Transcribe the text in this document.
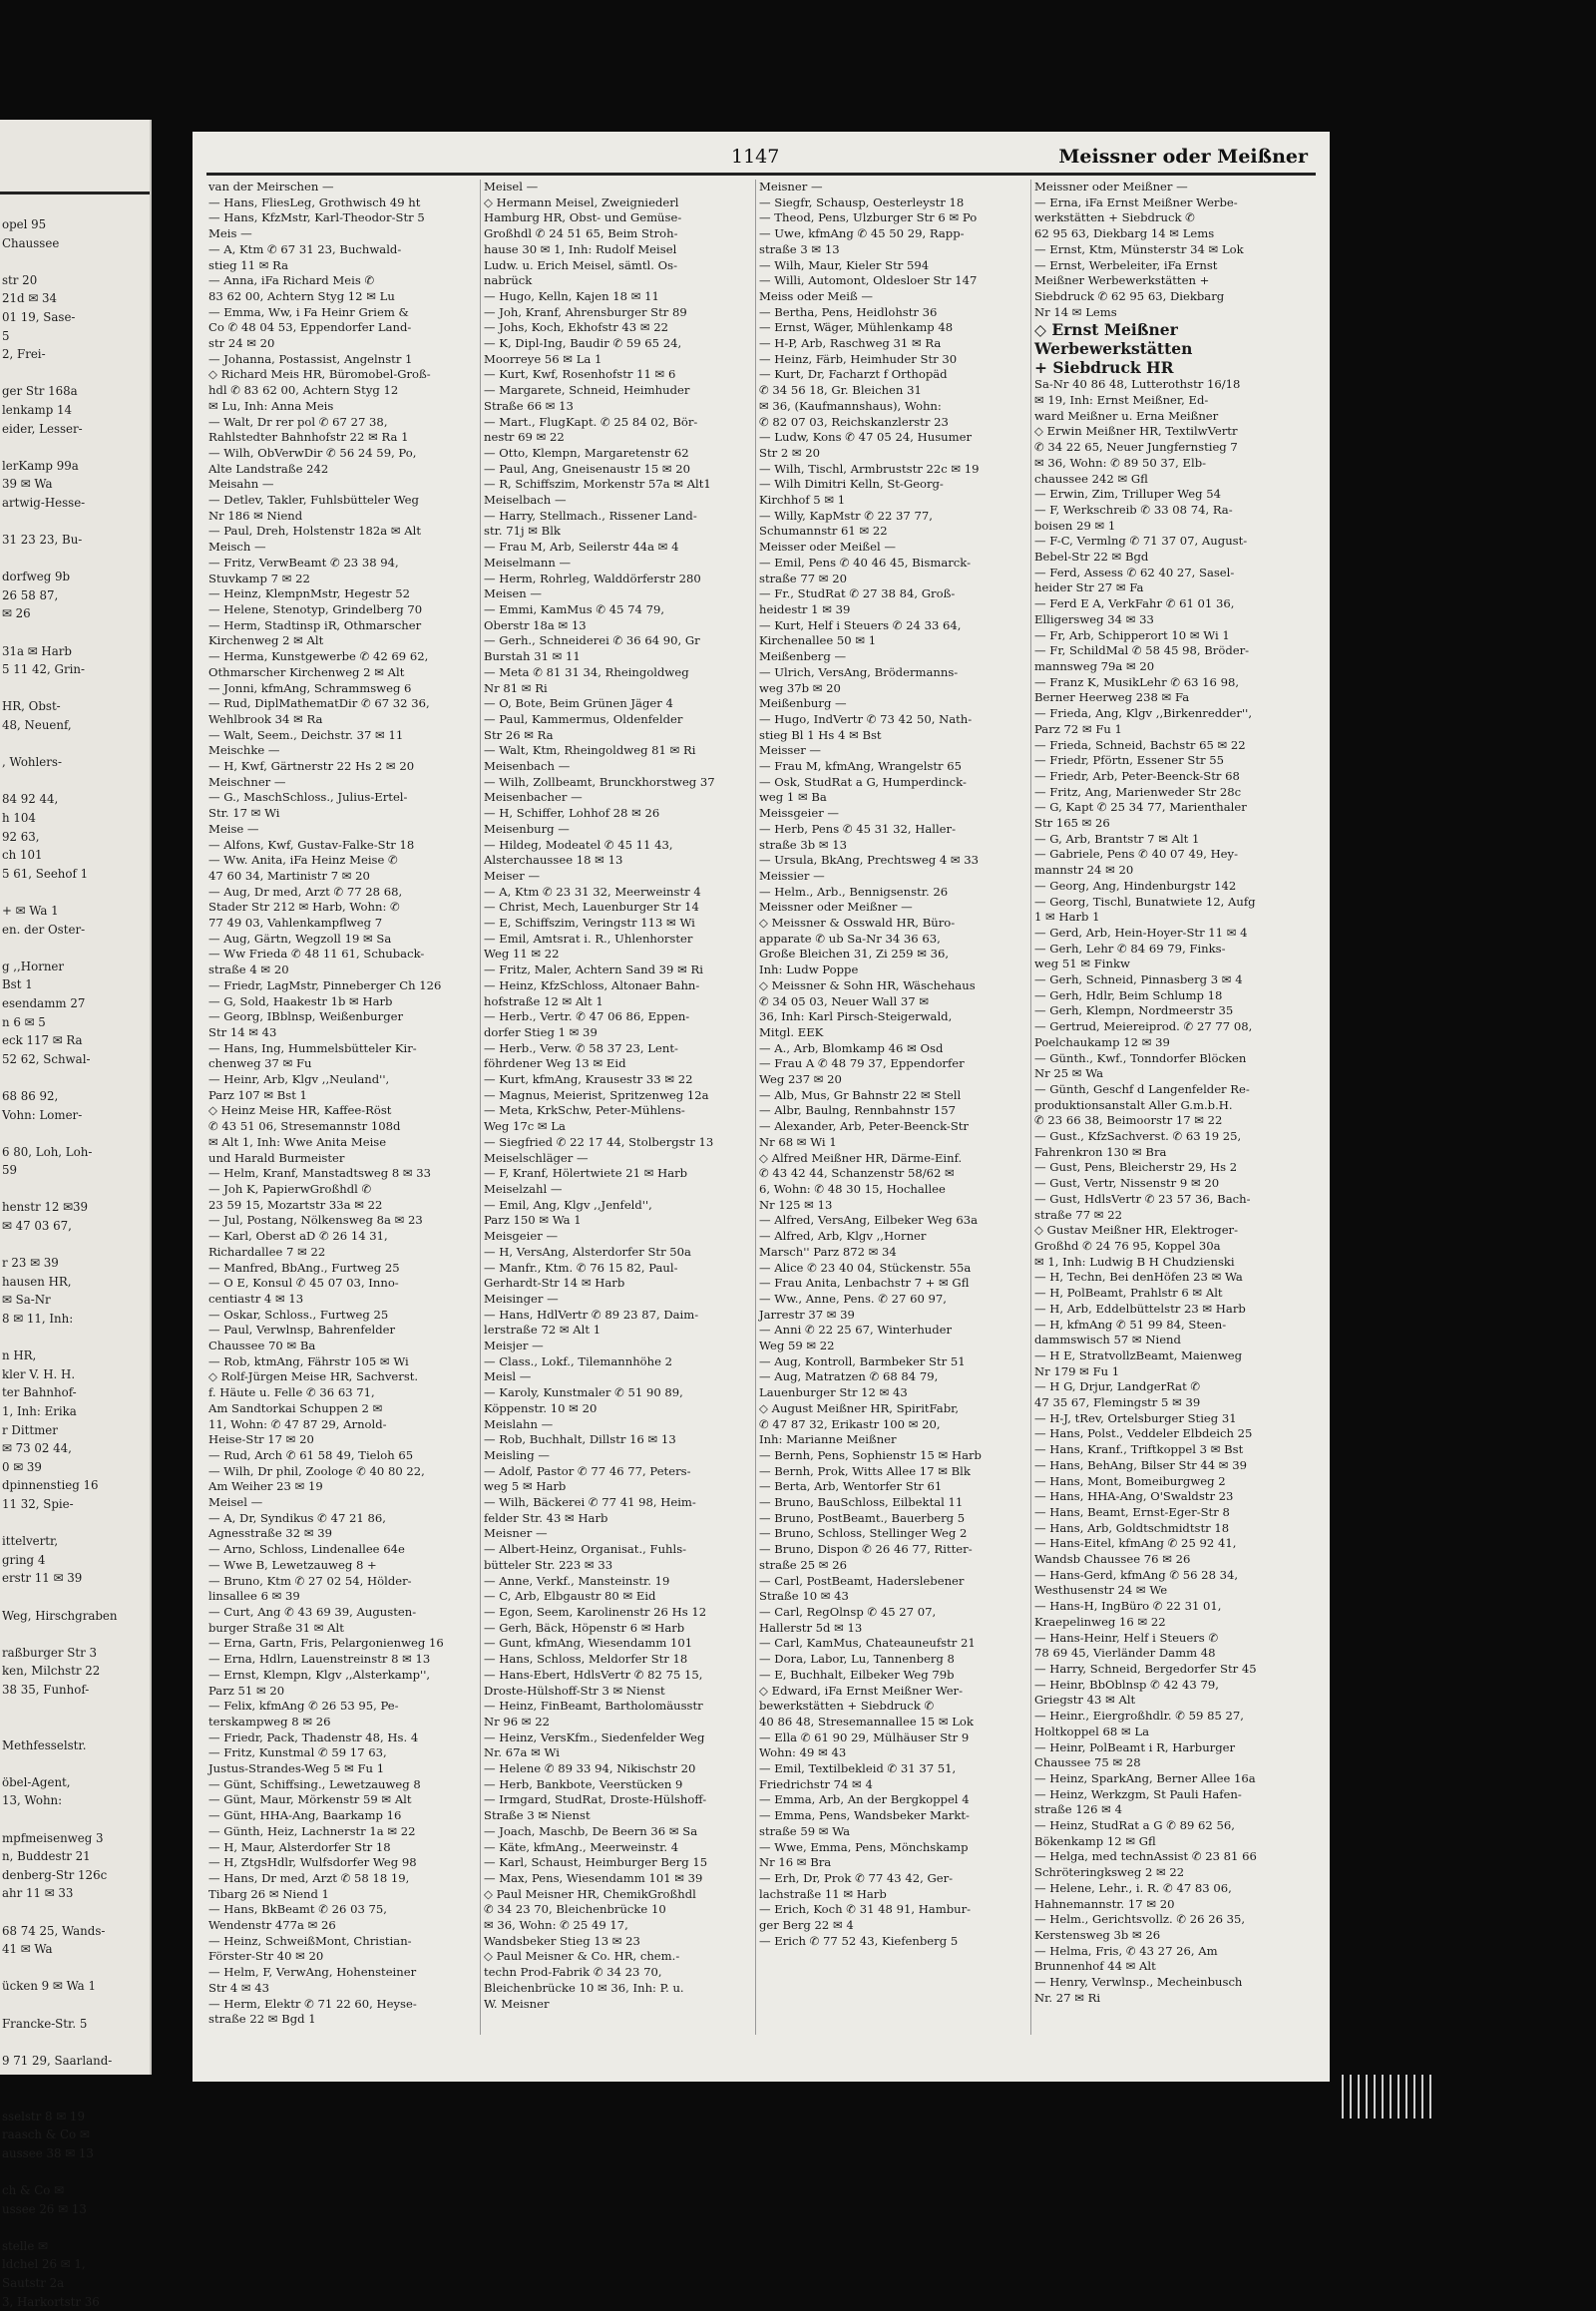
opel 95
Chaussee

str 20
21d ✉ 34
01 19, Sase-
5
2, Frei-

ger Str 168a
lenkamp 14
eider, Lesser-

lerKamp 99a
39 ✉ Wa
artwig-Hesse-

31 23 23, Bu-

dorfweg 9b
26 58 87,
✉ 26

31a ✉ Harb
5 11 42, Grin-

HR, Obst-
48, Neuenf,

, Wohlers-

84 92 44,
h 104
92 63,
ch 101
5 61, Seehof 1

+ ✉ Wa 1
en. der Oster-

g ,,Horner
Bst 1
esendamm 27
n 6 ✉ 5
eck 117 ✉ Ra
52 62, Schwal-

68 86 92,
Vohn: Lomer-

6 80, Loh, Loh-
59

henstr 12 ✉39
✉ 47 03 67,

r 23 ✉ 39
hausen HR,
✉ Sa-Nr
8 ✉ 11, Inh:

n HR,
kler V. H. H.
ter Bahnhof-
1, Inh: Erika
r Dittmer
✉ 73 02 44,
0 ✉ 39
dpinnenstieg 16
11 32, Spie-

ittelvertr,
gring 4
erstr 11 ✉ 39

Weg, Hirschgraben

raßburger Str 3
ken, Milchstr 22
38 35, Funhof-

Methfesselstr.

öbel-Agent,
13, Wohn:

mpfmeisenweg 3
n, Buddestr 21
denberg-Str 126c
ahr 11 ✉ 33

68 74 25, Wands-
41 ✉ Wa

ücken 9 ✉ Wa 1

Francke-Str. 5

9 71 29, Saarland-

sselstr 8 ✉ 19
raasch & Co ✉
aussee 38 ✉ 13

ch & Co ✉
ussee 26 ✉ 13

stelle ✉
ldchel 26 ✉ 1,
Sautstr 2a
3, Harkortstr 36
1147	Meissner oder Meißner
van der Meirschen —
— Hans, FliesLeg, Grothwisch 49 ht
— Hans, KfzMstr, Karl-Theodor-Str 5
Meis —
— A, Ktm ✆ 67 31 23, Buchwald-
stieg 11 ✉ Ra
— Anna, iFa Richard Meis ✆
83 62 00, Achtern Styg 12 ✉ Lu
— Emma, Ww, i Fa Heinr Griem &
Co ✆ 48 04 53, Eppendorfer Land-
str 24 ✉ 20
— Johanna, Postassist, Angelnstr 1
◇ Richard Meis HR, Büromobel-Groß-
hdl ✆ 83 62 00, Achtern Styg 12
✉ Lu, Inh: Anna Meis
— Walt, Dr rer pol ✆ 67 27 38,
Rahlstedter Bahnhofstr 22 ✉ Ra 1
— Wilh, ObVerwDir ✆ 56 24 59, Po,
Alte Landstraße 242
Meisahn —
— Detlev, Takler, Fuhlsbütteler Weg
Nr 186 ✉ Niend
— Paul, Dreh, Holstenstr 182a ✉ Alt
Meisch —
— Fritz, VerwBeamt ✆ 23 38 94,
Stuvkamp 7 ✉ 22
— Heinz, KlempnMstr, Hegestr 52
— Helene, Stenotyp, Grindelberg 70
— Herm, Stadtinsp iR, Othmarscher
Kirchenweg 2 ✉ Alt
— Herma, Kunstgewerbe ✆ 42 69 62,
Othmarscher Kirchenweg 2 ✉ Alt
— Jonni, kfmAng, Schrammsweg 6
— Rud, DiplMathematDir ✆ 67 32 36,
Wehlbrook 34 ✉ Ra
— Walt, Seem., Deichstr. 37 ✉ 11
Meischke —
— H, Kwf, Gärtnerstr 22 Hs 2 ✉ 20
Meischner —
— G., MaschSchloss., Julius-Ertel-
Str. 17 ✉ Wi
Meise —
— Alfons, Kwf, Gustav-Falke-Str 18
— Ww. Anita, iFa Heinz Meise ✆
47 60 34, Martinistr 7 ✉ 20
— Aug, Dr med, Arzt ✆ 77 28 68,
Stader Str 212 ✉ Harb, Wohn: ✆
77 49 03, Vahlenkampflweg 7
— Aug, Gärtn, Wegzoll 19 ✉ Sa
— Ww Frieda ✆ 48 11 61, Schuback-
straße 4 ✉ 20
— Friedr, LagMstr, Pinneberger Ch 126
— G, Sold, Haakestr 1b ✉ Harb
— Georg, IBblnsp, Weißenburger
Str 14 ✉ 43
— Hans, Ing, Hummelsbütteler Kir-
chenweg 37 ✉ Fu
— Heinr, Arb, Klgv ,,Neuland'',
Parz 107 ✉ Bst 1
◇ Heinz Meise HR, Kaffee-Röst
✆ 43 51 06, Stresemannstr 108d
✉ Alt 1, Inh: Wwe Anita Meise
und Harald Burmeister
— Helm, Kranf, Manstadtsweg 8 ✉ 33
— Joh K, PapierwGroßhdl ✆
23 59 15, Mozartstr 33a ✉ 22
— Jul, Postang, Nölkensweg 8a ✉ 23
— Karl, Oberst aD ✆ 26 14 31,
Richardallee 7 ✉ 22
— Manfred, BbAng., Furtweg 25
— O E, Konsul ✆ 45 07 03, Inno-
centiastr 4 ✉ 13
— Oskar, Schloss., Furtweg 25
— Paul, Verwlnsp, Bahrenfelder
Chaussee 70 ✉ Ba
— Rob, ktmAng, Fährstr 105 ✉ Wi
◇ Rolf-Jürgen Meise HR, Sachverst.
f. Häute u. Felle ✆ 36 63 71,
Am Sandtorkai Schuppen 2 ✉
11, Wohn: ✆ 47 87 29, Arnold-
Heise-Str 17 ✉ 20
— Rud, Arch ✆ 61 58 49, Tieloh 65
— Wilh, Dr phil, Zoologe ✆ 40 80 22,
Am Weiher 23 ✉ 19
Meisel —
— A, Dr, Syndikus ✆ 47 21 86,
Agnesstraße 32 ✉ 39
— Arno, Schloss, Lindenallee 64e
— Wwe B, Lewetzauweg 8 +
— Bruno, Ktm ✆ 27 02 54, Hölder-
linsallee 6 ✉ 39
— Curt, Ang ✆ 43 69 39, Augusten-
burger Straße 31 ✉ Alt
— Erna, Gartn, Fris, Pelargonienweg 16
— Erna, Hdlrn, Lauenstreinstr 8 ✉ 13
— Ernst, Klempn, Klgv ,,Alsterkamp'',
Parz 51 ✉ 20
— Felix, kfmAng ✆ 26 53 95, Pe-
terskampweg 8 ✉ 26
— Friedr, Pack, Thadenstr 48, Hs. 4
— Fritz, Kunstmal ✆ 59 17 63,
Justus-Strandes-Weg 5 ✉ Fu 1
— Günt, Schiffsing., Lewetzauweg 8
— Günt, Maur, Mörkenstr 59 ✉ Alt
— Günt, HHA-Ang, Baarkamp 16
— Günth, Heiz, Lachnerstr 1a ✉ 22
— H, Maur, Alsterdorfer Str 18
— H, ZtgsHdlr, Wulfsdorfer Weg 98
— Hans, Dr med, Arzt ✆ 58 18 19,
Tibarg 26 ✉ Niend 1
— Hans, BkBeamt ✆ 26 03 75,
Wendenstr 477a ✉ 26
— Heinz, SchweißMont, Christian-
Förster-Str 40 ✉ 20
— Helm, F, VerwAng, Hohensteiner
Str 4 ✉ 43
— Herm, Elektr ✆ 71 22 60, Heyse-
straße 22 ✉ Bgd 1
Meisel —
◇ Hermann Meisel, Zweigniederl
Hamburg HR, Obst- und Gemüse-
Großhdl ✆ 24 51 65, Beim Stroh-
hause 30 ✉ 1, Inh: Rudolf Meisel
Ludw. u. Erich Meisel, sämtl. Os-
nabrück
— Hugo, Kelln, Kajen 18 ✉ 11
— Joh, Kranf, Ahrensburger Str 89
— Johs, Koch, Ekhofstr 43 ✉ 22
— K, Dipl-Ing, Baudir ✆ 59 65 24,
Moorreye 56 ✉ La 1
— Kurt, Kwf, Rosenhofstr 11 ✉ 6
— Margarete, Schneid, Heimhuder
Straße 66 ✉ 13
— Mart., FlugKapt. ✆ 25 84 02, Bör-
nestr 69 ✉ 22
— Otto, Klempn, Margaretenstr 62
— Paul, Ang, Gneisenaustr 15 ✉ 20
— R, Schiffszim, Morkenstr 57a ✉ Alt1
Meiselbach —
— Harry, Stellmach., Rissener Land-
str. 71j ✉ Blk
— Frau M, Arb, Seilerstr 44a ✉ 4
Meiselmann —
— Herm, Rohrleg, Walddörferstr 280
Meisen —
— Emmi, KamMus ✆ 45 74 79,
Oberstr 18a ✉ 13
— Gerh., Schneiderei ✆ 36 64 90, Gr
Burstah 31 ✉ 11
— Meta ✆ 81 31 34, Rheingoldweg
Nr 81 ✉ Ri
— O, Bote, Beim Grünen Jäger 4
— Paul, Kammermus, Oldenfelder
Str 26 ✉ Ra
— Walt, Ktm, Rheingoldweg 81 ✉ Ri
Meisenbach —
— Wilh, Zollbeamt, Brunckhorstweg 37
Meisenbacher —
— H, Schiffer, Lohhof 28 ✉ 26
Meisenburg —
— Hildeg, Modeatel ✆ 45 11 43,
Alsterchaussee 18 ✉ 13
Meiser —
— A, Ktm ✆ 23 31 32, Meerweinstr 4
— Christ, Mech, Lauenburger Str 14
— E, Schiffszim, Veringstr 113 ✉ Wi
— Emil, Amtsrat i. R., Uhlenhorster
Weg 11 ✉ 22
— Fritz, Maler, Achtern Sand 39 ✉ Ri
— Heinz, KfzSchloss, Altonaer Bahn-
hofstraße 12 ✉ Alt 1
— Herb., Vertr. ✆ 47 06 86, Eppen-
dorfer Stieg 1 ✉ 39
— Herb., Verw. ✆ 58 37 23, Lent-
föhrdener Weg 13 ✉ Eid
— Kurt, kfmAng, Krausestr 33 ✉ 22
— Magnus, Meierist, Spritzenweg 12a
— Meta, KrkSchw, Peter-Mühlens-
Weg 17c ✉ La
— Siegfried ✆ 22 17 44, Stolbergstr 13
Meiselschläger —
— F, Kranf, Hölertwiete 21 ✉ Harb
Meiselzahl —
— Emil, Ang, Klgv ,,Jenfeld'',
Parz 150 ✉ Wa 1
Meisgeier —
— H, VersAng, Alsterdorfer Str 50a
— Manfr., Ktm. ✆ 76 15 82, Paul-
Gerhardt-Str 14 ✉ Harb
Meisinger —
— Hans, HdlVertr ✆ 89 23 87, Daim-
lerstraße 72 ✉ Alt 1
Meisjer —
— Class., Lokf., Tilemannhöhe 2
Meisl —
— Karoly, Kunstmaler ✆ 51 90 89,
Köppenstr. 10 ✉ 20
Meislahn —
— Rob, Buchhalt, Dillstr 16 ✉ 13
Meisling —
— Adolf, Pastor ✆ 77 46 77, Peters-
weg 5 ✉ Harb
— Wilh, Bäckerei ✆ 77 41 98, Heim-
felder Str. 43 ✉ Harb
Meisner —
— Albert-Heinz, Organisat., Fuhls-
bütteler Str. 223 ✉ 33
— Anne, Verkf., Mansteinstr. 19
— C, Arb, Elbgaustr 80 ✉ Eid
— Egon, Seem, Karolinenstr 26 Hs 12
— Gerh, Bäck, Höpenstr 6 ✉ Harb
— Gunt, kfmAng, Wiesendamm 101
— Hans, Schloss, Meldorfer Str 18
— Hans-Ebert, HdlsVertr ✆ 82 75 15,
Droste-Hülshoff-Str 3 ✉ Nienst
— Heinz, FinBeamt, Bartholomäusstr
Nr 96 ✉ 22
— Heinz, VersKfm., Siedenfelder Weg
Nr. 67a ✉ Wi
— Helene ✆ 89 33 94, Nikischstr 20
— Herb, Bankbote, Veerstücken 9
— Irmgard, StudRat, Droste-Hülshoff-
Straße 3 ✉ Nienst
— Joach, Maschb, De Beern 36 ✉ Sa
— Käte, kfmAng., Meerweinstr. 4
— Karl, Schaust, Heimburger Berg 15
— Max, Pens, Wiesendamm 101 ✉ 39
◇ Paul Meisner HR, ChemikGroßhdl
✆ 34 23 70, Bleichenbrücke 10
✉ 36, Wohn: ✆ 25 49 17,
Wandsbeker Stieg 13 ✉ 23
◇ Paul Meisner & Co. HR, chem.-
techn Prod-Fabrik ✆ 34 23 70,
Bleichenbrücke 10 ✉ 36, Inh: P. u.
W. Meisner
Meisner —
— Siegfr, Schausp, Oesterleystr 18
— Theod, Pens, Ulzburger Str 6 ✉ Po
— Uwe, kfmAng ✆ 45 50 29, Rapp-
straße 3 ✉ 13
— Wilh, Maur, Kieler Str 594
— Willi, Automont, Oldesloer Str 147
Meiss oder Meiß —
— Bertha, Pens, Heidlohstr 36
— Ernst, Wäger, Mühlenkamp 48
— H-P, Arb, Raschweg 31 ✉ Ra
— Heinz, Färb, Heimhuder Str 30
— Kurt, Dr, Facharzt f Orthopäd
✆ 34 56 18, Gr. Bleichen 31
✉ 36, (Kaufmannshaus), Wohn:
✆ 82 07 03, Reichskanzlerstr 23
— Ludw, Kons ✆ 47 05 24, Husumer
Str 2 ✉ 20
— Wilh, Tischl, Armbruststr 22c ✉ 19
— Wilh Dimitri Kelln, St-Georg-
Kirchhof 5 ✉ 1
— Willy, KapMstr ✆ 22 37 77,
Schumannstr 61 ✉ 22
Meisser oder Meißel —
— Emil, Pens ✆ 40 46 45, Bismarck-
straße 77 ✉ 20
— Fr., StudRat ✆ 27 38 84, Groß-
heidestr 1 ✉ 39
— Kurt, Helf i Steuers ✆ 24 33 64,
Kirchenallee 50 ✉ 1
Meißenberg —
— Ulrich, VersAng, Brödermanns-
weg 37b ✉ 20
Meißenburg —
— Hugo, IndVertr ✆ 73 42 50, Nath-
stieg Bl 1 Hs 4 ✉ Bst
Meisser —
— Frau M, kfmAng, Wrangelstr 65
— Osk, StudRat a G, Humperdinck-
weg 1 ✉ Ba
Meissgeier —
— Herb, Pens ✆ 45 31 32, Haller-
straße 3b ✉ 13
— Ursula, BkAng, Prechtsweg 4 ✉ 33
Meissier —
— Helm., Arb., Bennigsenstr. 26
Meissner oder Meißner —
◇ Meissner & Osswald HR, Büro-
apparate ✆ ub Sa-Nr 34 36 63,
Große Bleichen 31, Zi 259 ✉ 36,
Inh: Ludw Poppe
◇ Meissner & Sohn HR, Wäschehaus
✆ 34 05 03, Neuer Wall 37 ✉
36, Inh: Karl Pirsch-Steigerwald,
Mitgl. EEK
— A., Arb, Blomkamp 46 ✉ Osd
— Frau A ✆ 48 79 37, Eppendorfer
Weg 237 ✉ 20
— Alb, Mus, Gr Bahnstr 22 ✉ Stell
— Albr, Baulng, Rennbahnstr 157
— Alexander, Arb, Peter-Beenck-Str
Nr 68 ✉ Wi 1
◇ Alfred Meißner HR, Därme-Einf.
✆ 43 42 44, Schanzenstr 58/62 ✉
6, Wohn: ✆ 48 30 15, Hochallee
Nr 125 ✉ 13
— Alfred, VersAng, Eilbeker Weg 63a
— Alfred, Arb, Klgv ,,Horner
Marsch'' Parz 872 ✉ 34
— Alice ✆ 23 40 04, Stückenstr. 55a
— Frau Anita, Lenbachstr 7 + ✉ Gfl
— Ww., Anne, Pens. ✆ 27 60 97,
Jarrestr 37 ✉ 39
— Anni ✆ 22 25 67, Winterhuder
Weg 59 ✉ 22
— Aug, Kontroll, Barmbeker Str 51
— Aug, Matratzen ✆ 68 84 79,
Lauenburger Str 12 ✉ 43
◇ August Meißner HR, SpiritFabr,
✆ 47 87 32, Erikastr 100 ✉ 20,
Inh: Marianne Meißner
— Bernh, Pens, Sophienstr 15 ✉ Harb
— Bernh, Prok, Witts Allee 17 ✉ Blk
— Berta, Arb, Wentorfer Str 61
— Bruno, BauSchloss, Eilbektal 11
— Bruno, PostBeamt., Bauerberg 5
— Bruno, Schloss, Stellinger Weg 2
— Bruno, Dispon ✆ 26 46 77, Ritter-
straße 25 ✉ 26
— Carl, PostBeamt, Haderslebener
Straße 10 ✉ 43
— Carl, RegOlnsp ✆ 45 27 07,
Hallerstr 5d ✉ 13
— Carl, KamMus, Chateauneufstr 21
— Dora, Labor, Lu, Tannenberg 8
— E, Buchhalt, Eilbeker Weg 79b
◇ Edward, iFa Ernst Meißner Wer-
bewerkstätten + Siebdruck ✆
40 86 48, Stresemannallee 15 ✉ Lok
— Ella ✆ 61 90 29, Mülhäuser Str 9
Wohn: 49 ✉ 43
— Emil, Textilbekleid ✆ 31 37 51,
Friedrichstr 74 ✉ 4
— Emma, Arb, An der Bergkoppel 4
— Emma, Pens, Wandsbeker Markt-
straße 59 ✉ Wa
— Wwe, Emma, Pens, Mönchskamp
Nr 16 ✉ Bra
— Erh, Dr, Prok ✆ 77 43 42, Ger-
lachstraße 11 ✉ Harb
— Erich, Koch ✆ 31 48 91, Hambur-
ger Berg 22 ✉ 4
— Erich ✆ 77 52 43, Kiefenberg 5
Meissner oder Meißner —
— Erna, iFa Ernst Meißner Werbe-
werkstätten + Siebdruck ✆
62 95 63, Diekbarg 14 ✉ Lems
— Ernst, Ktm, Münsterstr 34 ✉ Lok
— Ernst, Werbeleiter, iFa Ernst
Meißner Werbewerkstätten +
Siebdruck ✆ 62 95 63, Diekbarg
Nr 14 ✉ Lems
◇ Ernst Meißner
Werbewerkstätten
+ Siebdruck HR
Sa-Nr 40 86 48, Lutterothstr 16/18
✉ 19, Inh: Ernst Meißner, Ed-
ward Meißner u. Erna Meißner
◇ Erwin Meißner HR, TextilwVertr
✆ 34 22 65, Neuer Jungfernstieg 7
✉ 36, Wohn: ✆ 89 50 37, Elb-
chaussee 242 ✉ Gfl
— Erwin, Zim, Trilluper Weg 54
— F, Werkschreib ✆ 33 08 74, Ra-
boisen 29 ✉ 1
— F-C, Vermlng ✆ 71 37 07, August-
Bebel-Str 22 ✉ Bgd
— Ferd, Assess ✆ 62 40 27, Sasel-
heider Str 27 ✉ Fa
— Ferd E A, VerkFahr ✆ 61 01 36,
Elligersweg 34 ✉ 33
— Fr, Arb, Schipperort 10 ✉ Wi 1
— Fr, SchildMal ✆ 58 45 98, Bröder-
mannsweg 79a ✉ 20
— Franz K, MusikLehr ✆ 63 16 98,
Berner Heerweg 238 ✉ Fa
— Frieda, Ang, Klgv ,,Birkenredder'',
Parz 72 ✉ Fu 1
— Frieda, Schneid, Bachstr 65 ✉ 22
— Friedr, Pförtn, Essener Str 55
— Friedr, Arb, Peter-Beenck-Str 68
— Fritz, Ang, Marienweder Str 28c
— G, Kapt ✆ 25 34 77, Marienthaler
Str 165 ✉ 26
— G, Arb, Brantstr 7 ✉ Alt 1
— Gabriele, Pens ✆ 40 07 49, Hey-
mannstr 24 ✉ 20
— Georg, Ang, Hindenburgstr 142
— Georg, Tischl, Bunatwiete 12, Aufg
1 ✉ Harb 1
— Gerd, Arb, Hein-Hoyer-Str 11 ✉ 4
— Gerh, Lehr ✆ 84 69 79, Finks-
weg 51 ✉ Finkw
— Gerh, Schneid, Pinnasberg 3 ✉ 4
— Gerh, Hdlr, Beim Schlump 18
— Gerh, Klempn, Nordmeerstr 35
— Gertrud, Meiereiprod. ✆ 27 77 08,
Poelchaukamp 12 ✉ 39
— Günth., Kwf., Tonndorfer Blöcken
Nr 25 ✉ Wa
— Günth, Geschf d Langenfelder Re-
produktionsanstalt Aller G.m.b.H.
✆ 23 66 38, Beimoorstr 17 ✉ 22
— Gust., KfzSachverst. ✆ 63 19 25,
Fahrenkron 130 ✉ Bra
— Gust, Pens, Bleicherstr 29, Hs 2
— Gust, Vertr, Nissenstr 9 ✉ 20
— Gust, HdlsVertr ✆ 23 57 36, Bach-
straße 77 ✉ 22
◇ Gustav Meißner HR, Elektroger-
Großhd ✆ 24 76 95, Koppel 30a
✉ 1, Inh: Ludwig B H Chudzienski
— H, Techn, Bei denHöfen 23 ✉ Wa
— H, PolBeamt, Prahlstr 6 ✉ Alt
— H, Arb, Eddelbüttelstr 23 ✉ Harb
— H, kfmAng ✆ 51 99 84, Steen-
dammswisch 57 ✉ Niend
— H E, StratvollzBeamt, Maienweg
Nr 179 ✉ Fu 1
— H G, Drjur, LandgerRat ✆
47 35 67, Flemingstr 5 ✉ 39
— H-J, tRev, Ortelsburger Stieg 31
— Hans, Polst., Veddeler Elbdeich 25
— Hans, Kranf., Triftkoppel 3 ✉ Bst
— Hans, BehAng, Bilser Str 44 ✉ 39
— Hans, Mont, Bomeiburgweg 2
— Hans, HHA-Ang, O'Swaldstr 23
— Hans, Beamt, Ernst-Eger-Str 8
— Hans, Arb, Goldtschmidtstr 18
— Hans-Eitel, kfmAng ✆ 25 92 41,
Wandsb Chaussee 76 ✉ 26
— Hans-Gerd, kfmAng ✆ 56 28 34,
Westhusenstr 24 ✉ We
— Hans-H, IngBüro ✆ 22 31 01,
Kraepelinweg 16 ✉ 22
— Hans-Heinr, Helf i Steuers ✆
78 69 45, Vierländer Damm 48
— Harry, Schneid, Bergedorfer Str 45
— Heinr, BbOblnsp ✆ 42 43 79,
Griegstr 43 ✉ Alt
— Heinr., Eiergroßhdlr. ✆ 59 85 27,
Holtkoppel 68 ✉ La
— Heinr, PolBeamt i R, Harburger
Chaussee 75 ✉ 28
— Heinz, SparkAng, Berner Allee 16a
— Heinz, Werkzgm, St Pauli Hafen-
straße 126 ✉ 4
— Heinz, StudRat a G ✆ 89 62 56,
Bökenkamp 12 ✉ Gfl
— Helga, med technAssist ✆ 23 81 66
Schröteringksweg 2 ✉ 22
— Helene, Lehr., i. R. ✆ 47 83 06,
Hahnemannstr. 17 ✉ 20
— Helm., Gerichtsvollz. ✆ 26 26 35,
Kerstensweg 3b ✉ 26
— Helma, Fris, ✆ 43 27 26, Am
Brunnenhof 44 ✉ Alt
— Henry, Verwlnsp., Mecheinbusch
Nr. 27 ✉ Ri
